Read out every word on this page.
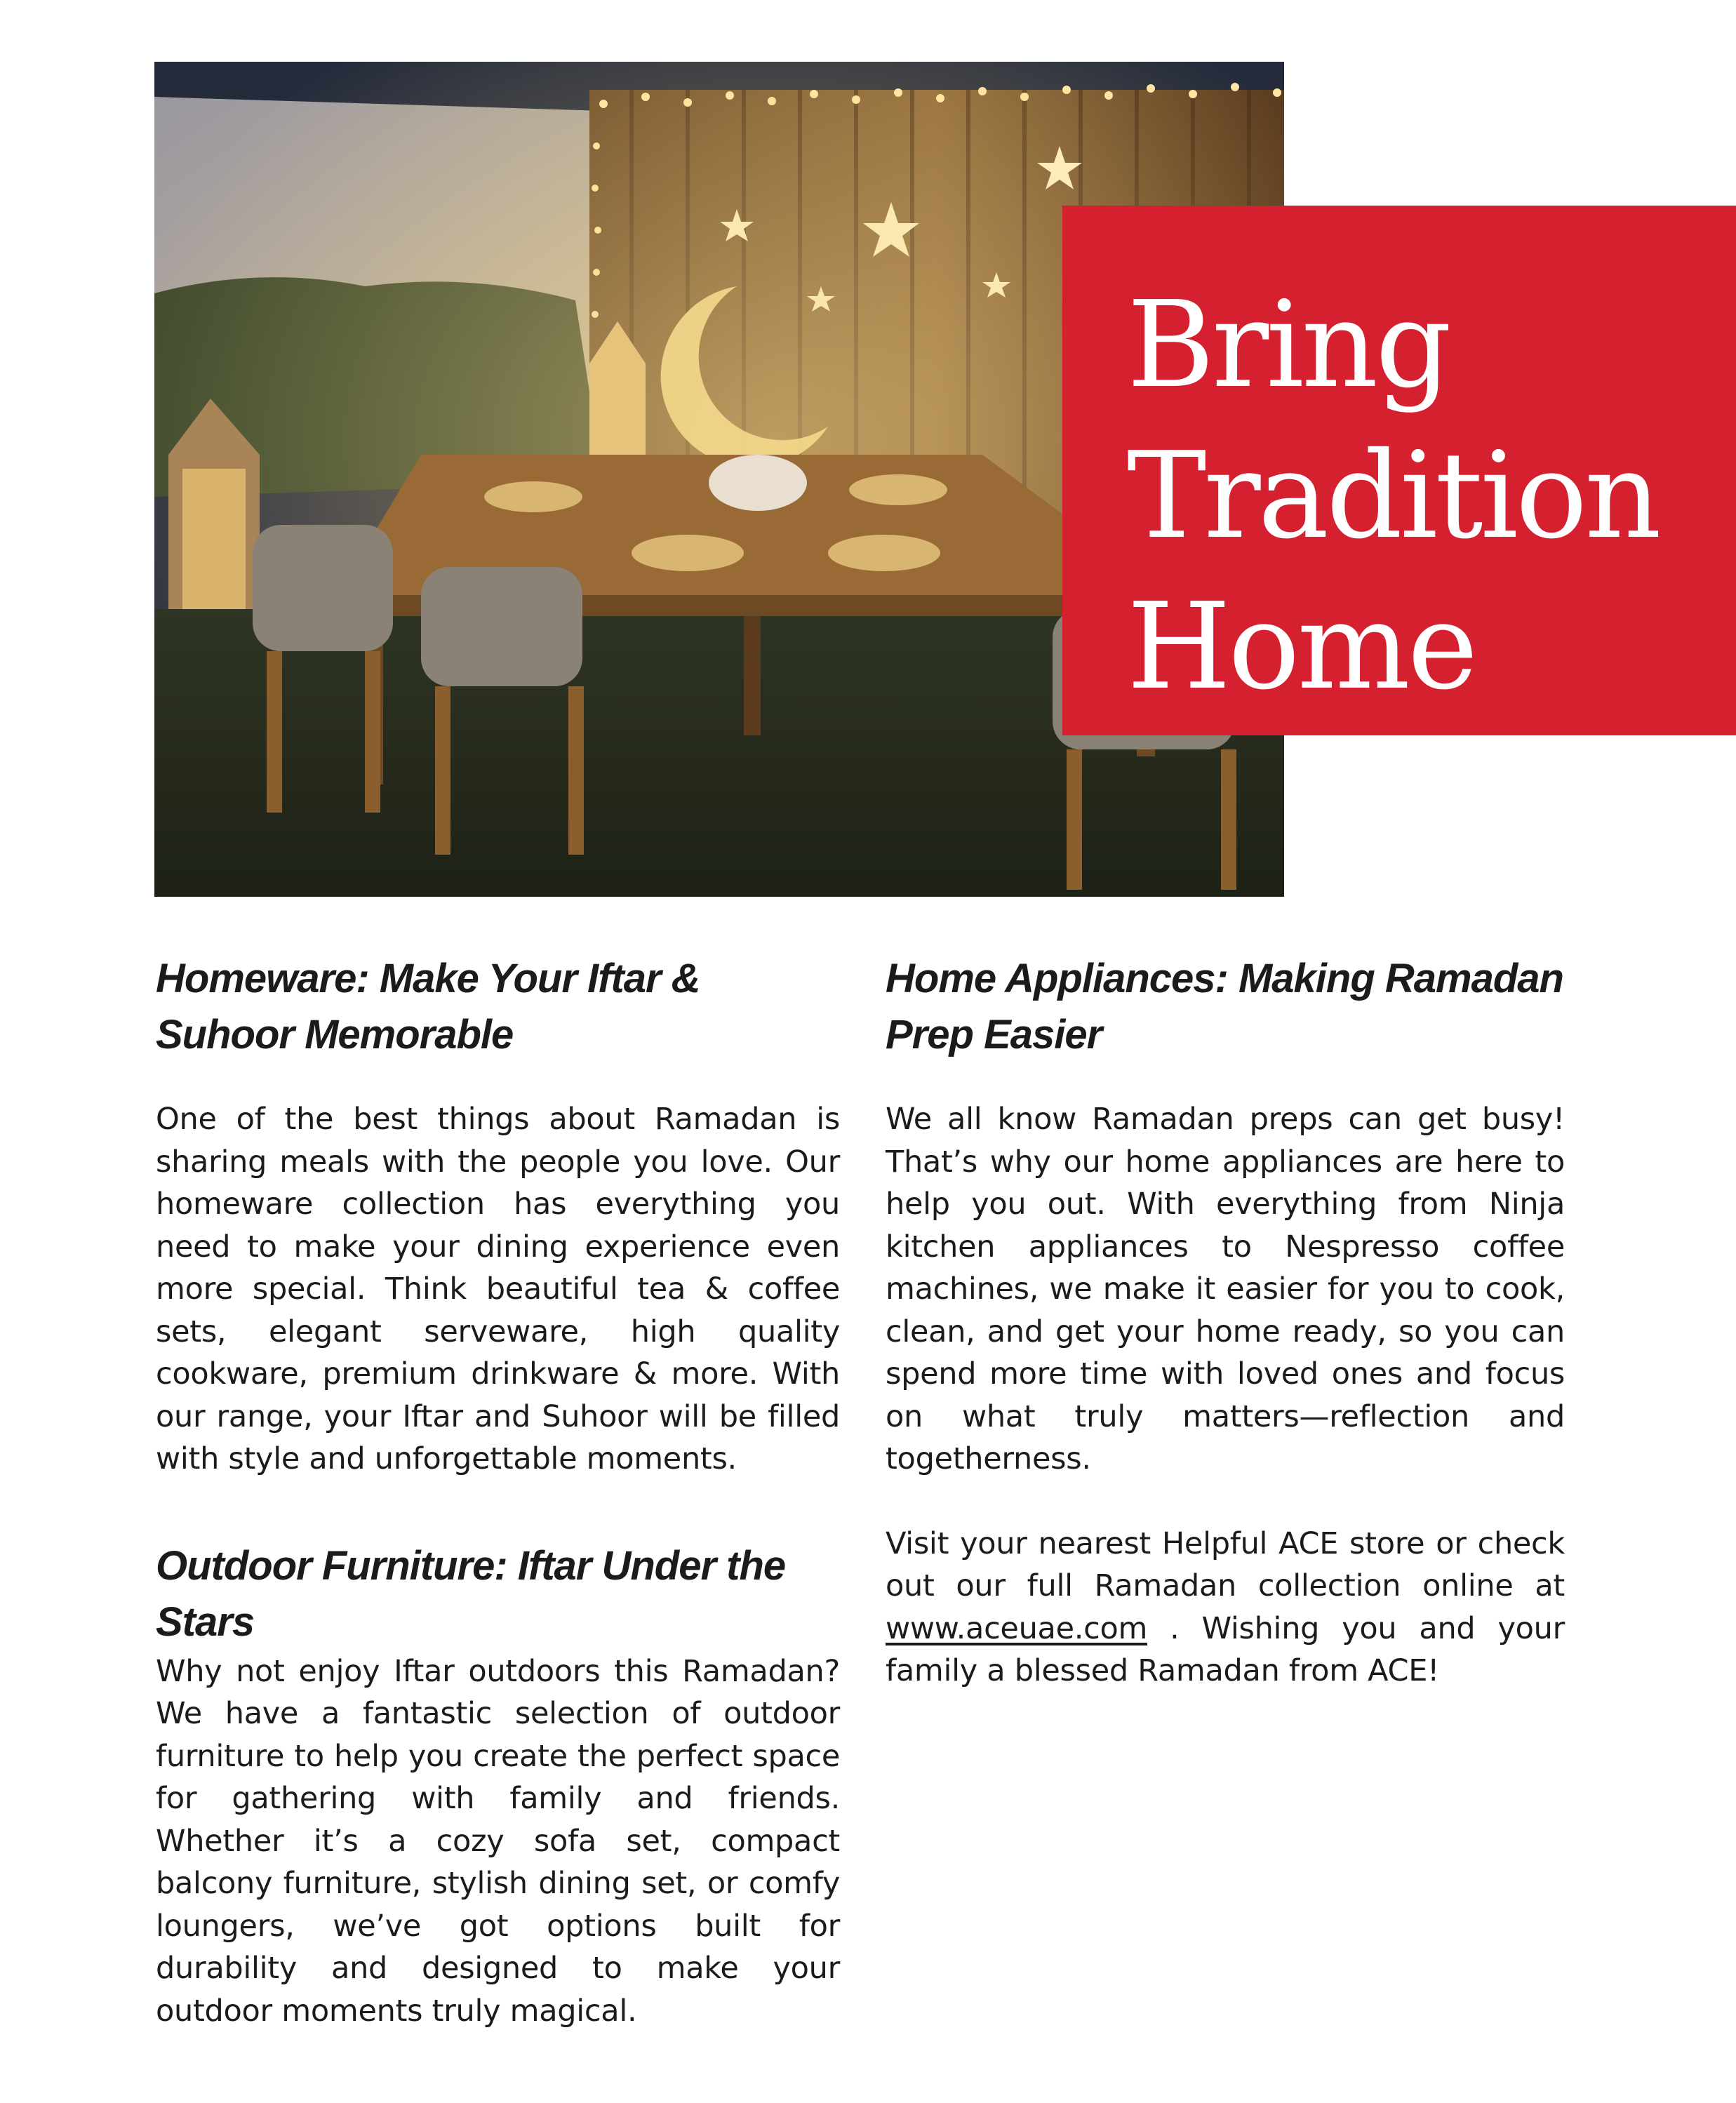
Bring
Tradition
Home
Homeware: Make Your Iftar & Suhoor Memorable

One of the best things about Ramadan is sharing meals with the people you love. Our homeware collection has everything you need to make your dining experience even more special. Think beautiful tea & coffee sets, elegant serveware, high quality cookware, premium drinkware & more. With our range, your Iftar and Suhoor will be filled with style and unforgettable moments.

Outdoor Furniture: Iftar Under the Stars

Why not enjoy Iftar outdoors this Ramadan? We have a fantastic selection of outdoor furniture to help you create the perfect space for gathering with family and friends. Whether it’s a cozy sofa set, compact balcony furniture, stylish dining set, or comfy loungers, we’ve got options built for durability and designed to make your outdoor moments truly magical.

Home Appliances: Making Ramadan Prep Easier

We all know Ramadan preps can get busy! That’s why our home appliances are here to help you out. With everything from Ninja kitchen appliances to Nespresso coffee machines, we make it easier for you to cook, clean, and get your home ready, so you can spend more time with loved ones and focus on what truly matters—reflection and togetherness.

Visit your nearest Helpful ACE store or check out our full Ramadan collection online at www.aceuae.com . Wishing you and your family a blessed Ramadan from ACE!
